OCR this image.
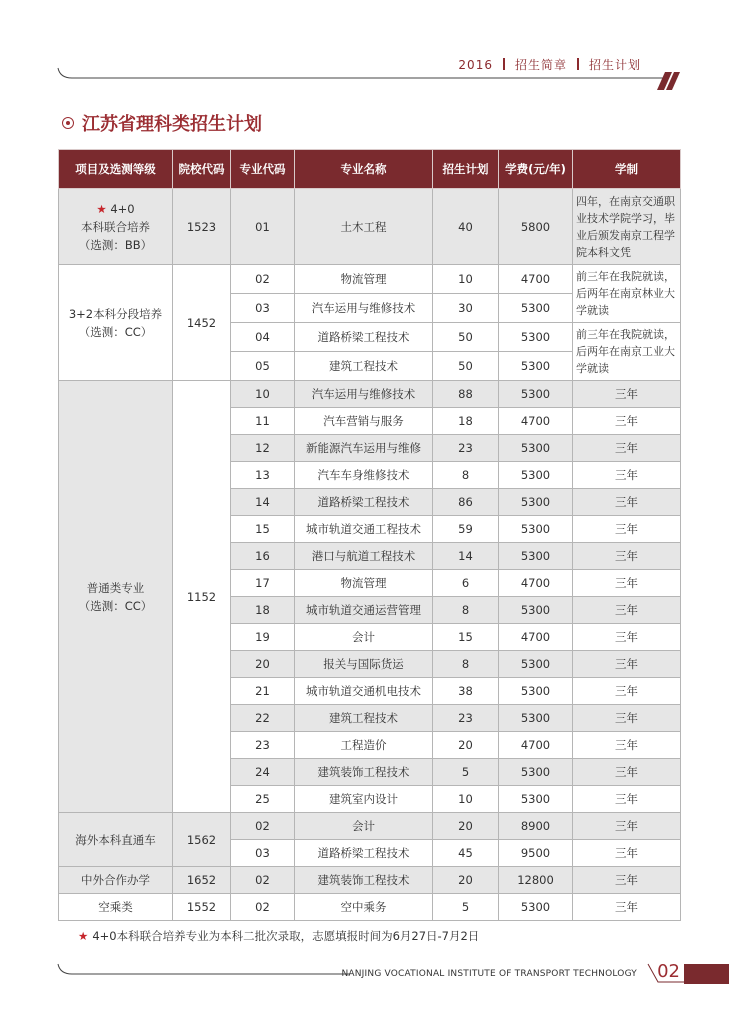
2016 招生简章 招生计划
江苏省理科类招生计划
项目及选测等级	院校代码	专业代码	专业名称	招生计划	学费(元/年)	学制

★ 4+0
本科联合培养
（选测：BB）	1523	01	土木工程	40	5800	四年，在南京交通职业技术学院学习，毕业后颁发南京工程学院本科文凭

3+2本科分段培养
（选测：CC）	1452	02	物流管理	10	4700	前三年在我院就读，后两年在南京林业大学就读
		03	汽车运用与维修技术	30	5300	
		04	道路桥梁工程技术	50	5300	前三年在我院就读，后两年在南京工业大学就读
		05	建筑工程技术	50	5300	

普通类专业
（选测：CC）	1152	10	汽车运用与维修技术	88	5300	三年
		11	汽车营销与服务	18	4700	三年
		12	新能源汽车运用与维修	23	5300	三年
		13	汽车车身维修技术	8	5300	三年
		14	道路桥梁工程技术	86	5300	三年
		15	城市轨道交通工程技术	59	5300	三年
		16	港口与航道工程技术	14	5300	三年
		17	物流管理	6	4700	三年
		18	城市轨道交通运营管理	8	5300	三年
		19	会计	15	4700	三年
		20	报关与国际货运	8	5300	三年
		21	城市轨道交通机电技术	38	5300	三年
		22	建筑工程技术	23	5300	三年
		23	工程造价	20	4700	三年
		24	建筑装饰工程技术	5	5300	三年
		25	建筑室内设计	10	5300	三年
海外本科直通车	1562	02	会计	20	8900	三年
		03	道路桥梁工程技术	45	9500	三年
中外合作办学	1652	02	建筑装饰工程技术	20	12800	三年
空乘类	1552	02	空中乘务	5	5300	三年
★ 4+0本科联合培养专业为本科二批次录取，志愿填报时间为6月27日-7月2日
NANJING VOCATIONAL INSTITUTE OF TRANSPORT TECHNOLOGY 02
